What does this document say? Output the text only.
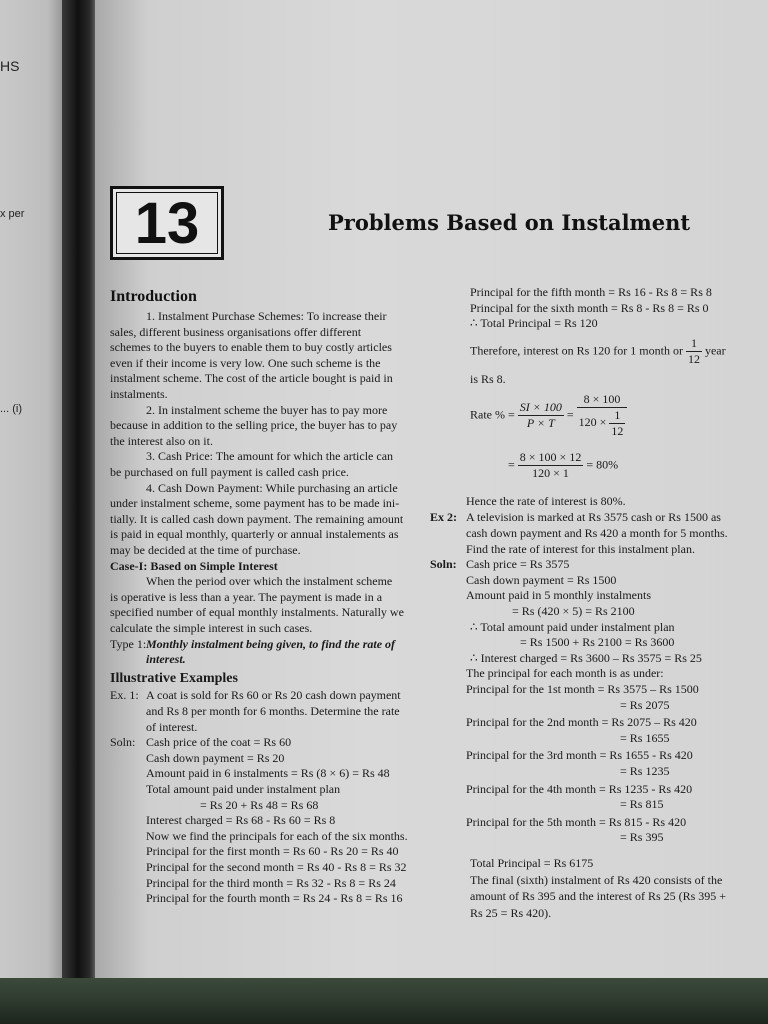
HS
x per
... (i)
13	Problems Based on Instalment
Introduction
1. Instalment Purchase Schemes: To increase their
sales, different business organisations offer different
schemes to the buyers to enable them to buy costly articles
even if their income is very low. One such scheme is the
instalment scheme. The cost of the article bought is paid in
instalments.
2. In instalment scheme the buyer has to pay more
because in addition to the selling price, the buyer has to pay
the interest also on it.
3. Cash Price: The amount for which the article can
be purchased on full payment is called cash price.
4. Cash Down Payment: While purchasing an article
under instalment scheme, some payment has to be made ini-
tially. It is called cash down payment. The remaining amount
is paid in equal monthly, quarterly or annual instalements as
may be decided at the time of purchase.
Case-I: Based on Simple Interest
When the period over which the instalment scheme
is operative is less than a year. The payment is made in a
specified number of equal monthly instalments. Naturally we
calculate the simple interest in such cases.
Type 1: Monthly instalment being given, to find the rate of
interest.
Illustrative Examples
Ex. 1: A coat is sold for Rs 60 or Rs 20 cash down payment
and Rs 8 per month for 6 months. Determine the rate
of interest.
Soln: Cash price of the coat = Rs 60
Cash down payment = Rs 20
Amount paid in 6 instalments = Rs (8 × 6) = Rs 48
Total amount paid under instalment plan
= Rs 20 + Rs 48 = Rs 68
Interest charged = Rs 68 - Rs 60 = Rs 8
Now we find the principals for each of the six months.
Principal for the first month = Rs 60 - Rs 20 = Rs 40
Principal for the second month = Rs 40 - Rs 8 = Rs 32
Principal for the third month = Rs 32 - Rs 8 = Rs 24
Principal for the fourth month = Rs 24 - Rs 8 = Rs 16
Principal for the fifth month = Rs 16 - Rs 8 = Rs 8
Principal for the sixth month = Rs 8 - Rs 8 = Rs 0
∴ Total Principal = Rs 120
Therefore, interest on Rs 120 for 1 month or $\frac{1}{12}$ year
is Rs 8.
Rate % = $\frac{SI \times 100}{P \times T} = \frac{8 \times 100}{120 \times \frac{1}{12}}$
= $\frac{8 \times 100 \times 12}{120 \times 1} = 80\%$
Hence the rate of interest is 80%.
Ex 2: A television is marked at Rs 3575 cash or Rs 1500 as
cash down payment and Rs 420 a month for 5 months.
Find the rate of interest for this instalment plan.
Soln: Cash price = Rs 3575
Cash down payment = Rs 1500
Amount paid in 5 monthly instalments
= Rs (420 × 5) = Rs 2100
∴ Total amount paid under instalment plan
= Rs 1500 + Rs 2100 = Rs 3600
∴ Interest charged = Rs 3600 – Rs 3575 = Rs 25
The principal for each month is as under:
Principal for the 1st month = Rs 3575 – Rs 1500
= Rs 2075
Principal for the 2nd month = Rs 2075 – Rs 420
= Rs 1655
Principal for the 3rd month = Rs 1655 - Rs 420
= Rs 1235
Principal for the 4th month = Rs 1235 - Rs 420
= Rs 815
Principal for the 5th month = Rs 815 - Rs 420
= Rs 395
Total Principal = Rs 6175
The final (sixth) instalment of Rs 420 consists of the
amount of Rs 395 and the interest of Rs 25 (Rs 395 +
Rs 25 = Rs 420).
